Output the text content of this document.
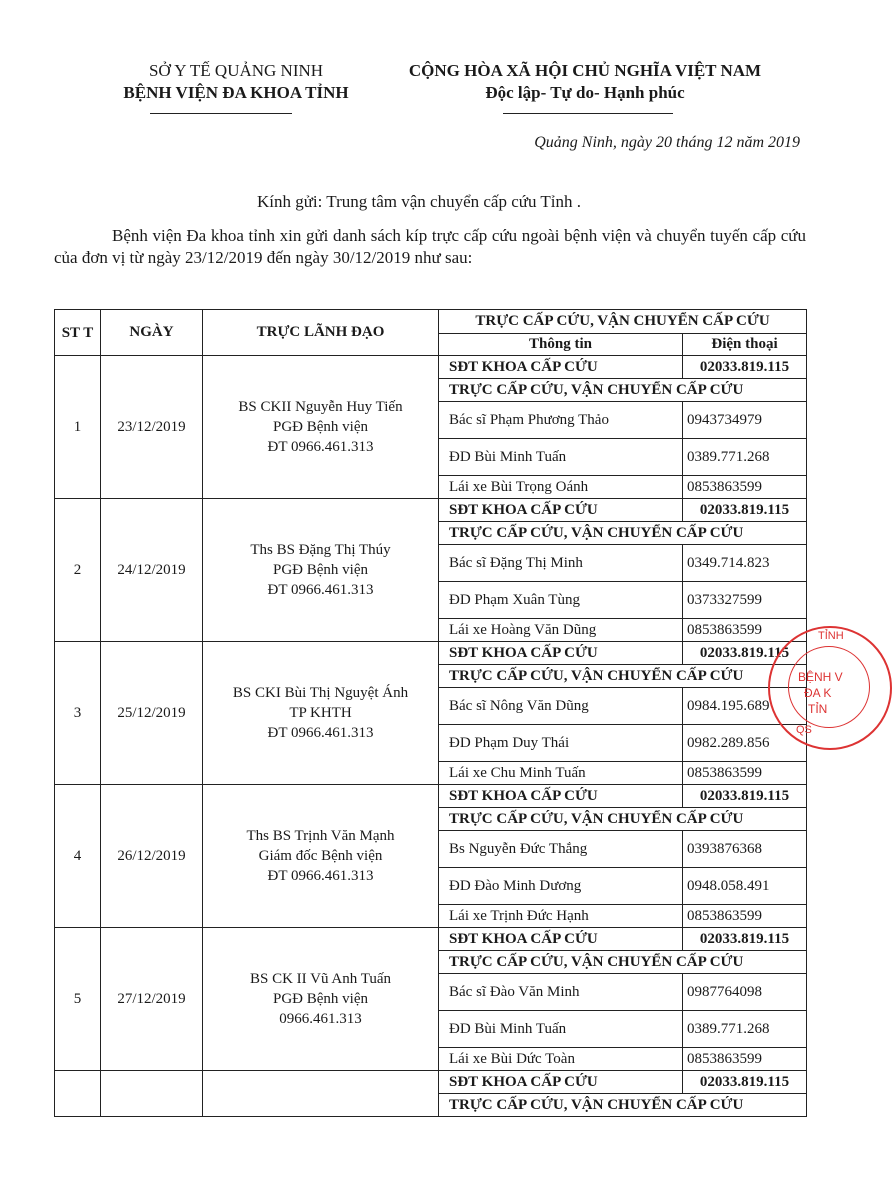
SỞ Y TẾ QUẢNG NINH
BỆNH VIỆN ĐA KHOA TỈNH
CỘNG HÒA XÃ HỘI CHỦ NGHĨA VIỆT NAM
Độc lập- Tự do- Hạnh phúc
Quảng Ninh, ngày 20 tháng 12 năm 2019
Kính gửi: Trung tâm vận chuyển cấp cứu Tỉnh .
Bệnh viện Đa khoa tỉnh xin gửi danh sách kíp trực cấp cứu ngoài bệnh viện và chuyển tuyến cấp cứu của đơn vị từ ngày 23/12/2019 đến ngày 30/12/2019 như sau:
ST T	NGÀY	TRỰC LÃNH ĐẠO	TRỰC CẤP CỨU, VẬN CHUYỂN CẤP CỨU	
			Thông tin	Điện thoại
1	23/12/2019	BS CKII Nguyễn Huy Tiến
PGĐ Bệnh viện
ĐT 0966.461.313	SĐT KHOA CẤP CỨU	02033.819.115
			TRỰC CẤP CỨU, VẬN CHUYỂN CẤP CỨU	
			Bác sĩ Phạm Phương Thảo	0943734979
			ĐD Bùi Minh Tuấn	0389.771.268
			Lái xe Bùi Trọng Oánh	0853863599
2	24/12/2019	Ths BS Đặng Thị Thúy
PGĐ Bệnh viện
ĐT 0966.461.313	SĐT KHOA CẤP CỨU	02033.819.115
			TRỰC CẤP CỨU, VẬN CHUYỂN CẤP CỨU	
			Bác sĩ Đặng Thị Minh	0349.714.823
			ĐD Phạm Xuân Tùng	0373327599
			Lái xe Hoàng Văn Dũng	0853863599
3	25/12/2019	BS CKI Bùi Thị Nguyệt Ánh
TP KHTH
ĐT 0966.461.313	SĐT KHOA CẤP CỨU	02033.819.115
			TRỰC CẤP CỨU, VẬN CHUYỂN CẤP CỨU	
			Bác sĩ Nông Văn Dũng	0984.195.689
			ĐD Phạm Duy Thái	0982.289.856
			Lái xe Chu Minh Tuấn	0853863599
4	26/12/2019	Ths BS Trịnh Văn Mạnh
Giám đốc Bệnh viện
ĐT 0966.461.313	SĐT KHOA CẤP CỨU	02033.819.115
			TRỰC CẤP CỨU, VẬN CHUYỂN CẤP CỨU	
			Bs Nguyễn Đức Thắng	0393876368
			ĐD Đào Minh Dương	0948.058.491
			Lái xe Trịnh Đức Hạnh	0853863599
5	27/12/2019	BS CK II Vũ Anh Tuấn
PGĐ Bệnh viện
0966.461.313	SĐT KHOA CẤP CỨU	02033.819.115
			TRỰC CẤP CỨU, VẬN CHUYỂN CẤP CỨU	
			Bác sĩ Đào Văn Minh	0987764098
			ĐD Bùi Minh Tuấn	0389.771.268
			Lái xe Bùi Dức Toàn	0853863599
			SĐT KHOA CẤP CỨU	02033.819.115
			TRỰC CẤP CỨU, VẬN CHUYỂN CẤP CỨU	
TỈNH
BỆNH V
ĐA K
TỈN
QS
